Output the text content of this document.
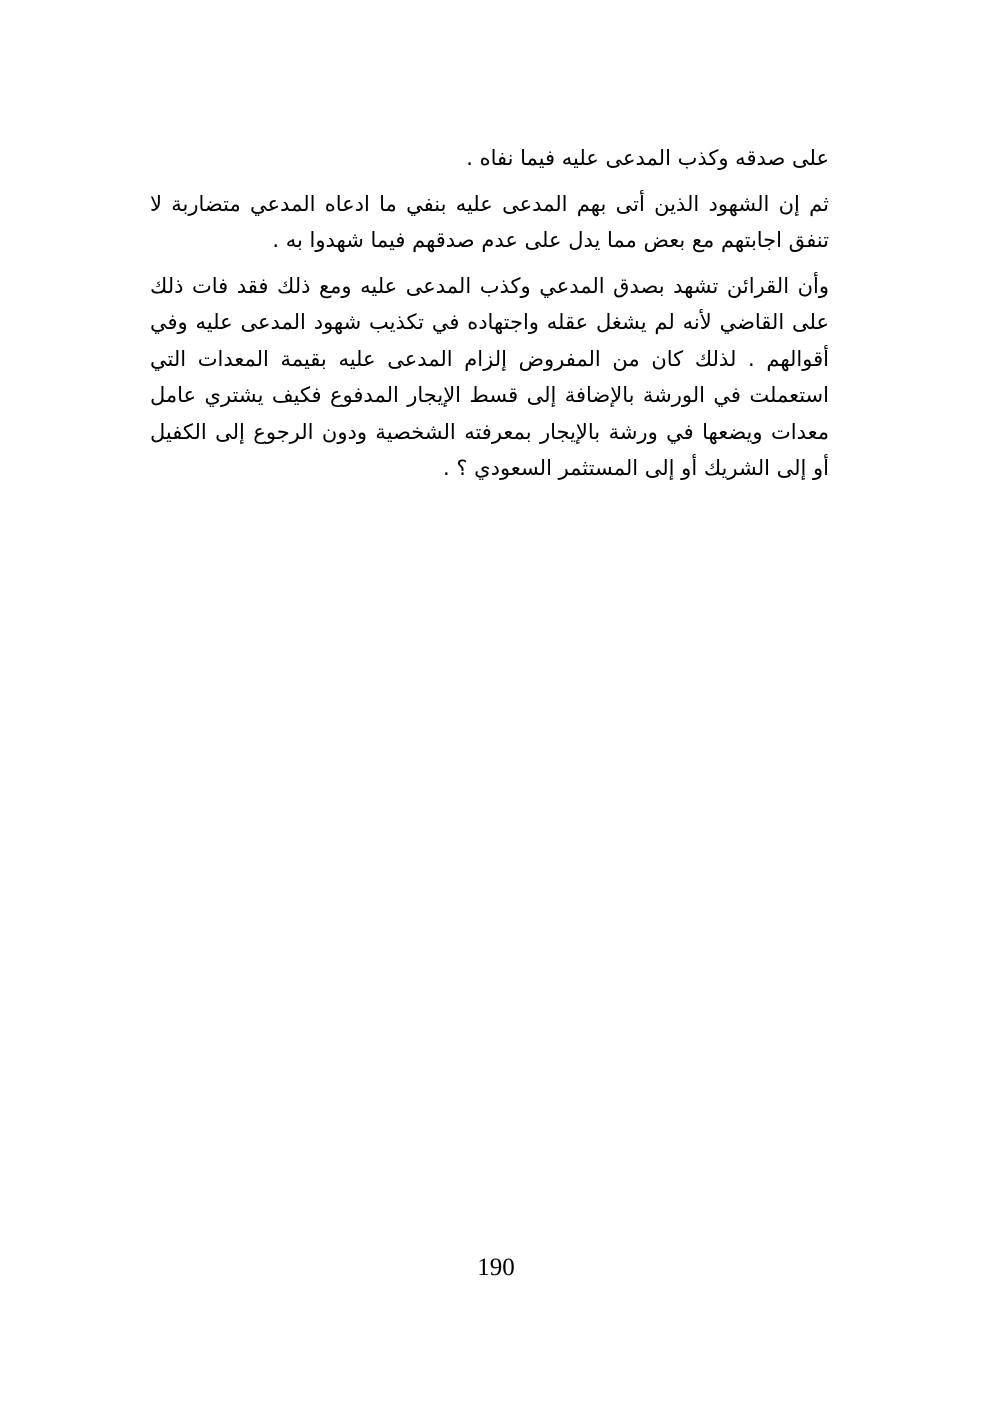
على صدقه وكذب المدعى عليه فيما نفاه .

ثم إن الشهود الذين أتى بهم المدعى عليه بنفي ما ادعاه المدعي متضاربة لا تنفق اجابتهم مع بعض مما يدل على عدم صدقهم فيما شهدوا به .

وأن القرائن تشهد بصدق المدعي وكذب المدعى عليه ومع ذلك فقد فات ذلك على القاضي لأنه لم يشغل عقله واجتهاده في تكذيب شهود المدعى عليه وفي أقوالهم . لذلك كان من المفروض إلزام المدعى عليه بقيمة المعدات التي استعملت في الورشة بالإضافة إلى قسط الإيجار المدفوع فكيف يشتري عامل معدات ويضعها في ورشة بالإيجار بمعرفته الشخصية ودون الرجوع إلى الكفيل أو إلى الشريك أو إلى المستثمر السعودي ؟ .

190
